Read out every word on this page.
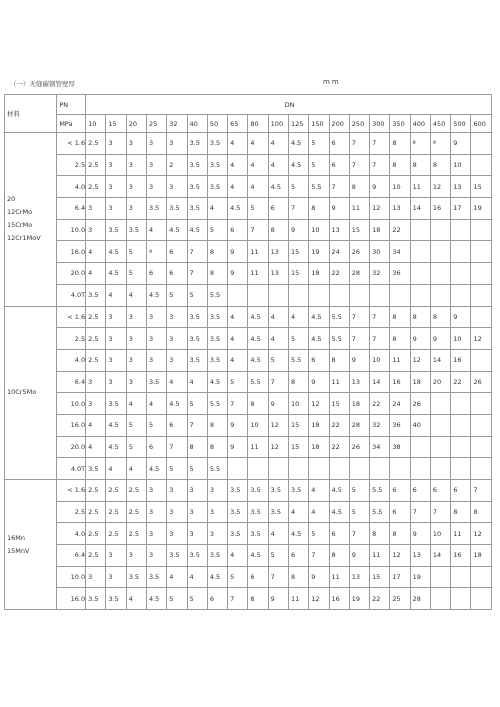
（一）无缝碳钢管壁厚	mm
材料	PN	DN																			
	MPa	10	15	20	25	32	40	50	65	80	100	125	150	200	250	300	350	400	450	500	600

20
12CrMo
15CrMo
12Cr1MoV	< 1.6	2.5	3	3	3	3	3.5	3.5	4	4	4	4.5	5	6	7	7	8	ª	ª	9	
	2.5	2.5	3	3	3	2	3.5	3.5	4	4	4	4.5	5	6	7	7	8	8	8	10	
	4.0	2.5	3	3	3	3	3.5	3.5	4	4	4.5	5	5.5	7	8	9	10	11	12	13	15
	6.4	3	3	3	3.5	3.5	3.5	4	4.5	5	6	7	8	9	11	12	13	14	16	17	19
	10.0	3	3.5	3.5	4	4.5	4.5	5	6	7	8	9	10	13	15	18	22				
	16.0	4	4.5	5	ª	6	7	8	9	11	13	15	19	24	26	30	34				
	20.0	4	4.5	5	6	6	7	8	9	11	13	15	18	22	28	32	36				
	4.0T	3.5	4	4	4.5	5	5	5.5													

10Cr5Mo	< 1.6	2.5	3	3	3	3	3.5	3.5	4	4.5	4	4	4.5	5.5	7	7	8	8	8	9	
	2.5	2.5	3	3	3	3	3.5	3.5	4	4.5	4	5	4.5	5.5	7	7	8	9	9	10	12
	4.0	2.5	3	3	3	3	3.5	3.5	4	4.5	5	5.5	6	8	9	10	11	12	14	16	
	6.4	3	3	3	3.5	4	4	4.5	5	5.5	7	8	9	11	13	14	16	18	20	22	26
	10.0	3	3.5	4	4	4.5	5	5.5	7	8	9	10	12	15	18	22	24	26			
	16.0	4	4.5	5	5	6	7	8	9	10	12	15	18	22	28	32	36	40			
	20.0	4	4.5	5	6	7	8	8	9	11	12	15	18	22	26	34	38				
	4.0T	3.5	4	4	4.5	5	5	5.5													

16Mn
15MnV	< 1.6	2.5	2.5	2.5	3	3	3	3	3.5	3.5	3.5	3.5	4	4.5	5	5.5	6	6	6	6	7
	2.5	2.5	2.5	2.5	3	3	3	3	3.5	3.5	3.5	4	4	4.5	5	5.5	6	7	7	8	8
	4.0	2.5	2.5	2.5	3	3	3	3	3.5	3.5	4	4.5	5	6	7	8	8	9	10	11	12
	6.4	2.5	3	3	3	3.5	3.5	3.5	4	4.5	5	6	7	8	9	11	12	13	14	16	18
	10.0	3	3	3.5	3.5	4	4	4.5	5	6	7	8	9	11	13	15	17	19			
	16.0	3.5	3.5	4	4.5	5	5	6	7	8	9	11	12	16	19	22	25	28			
